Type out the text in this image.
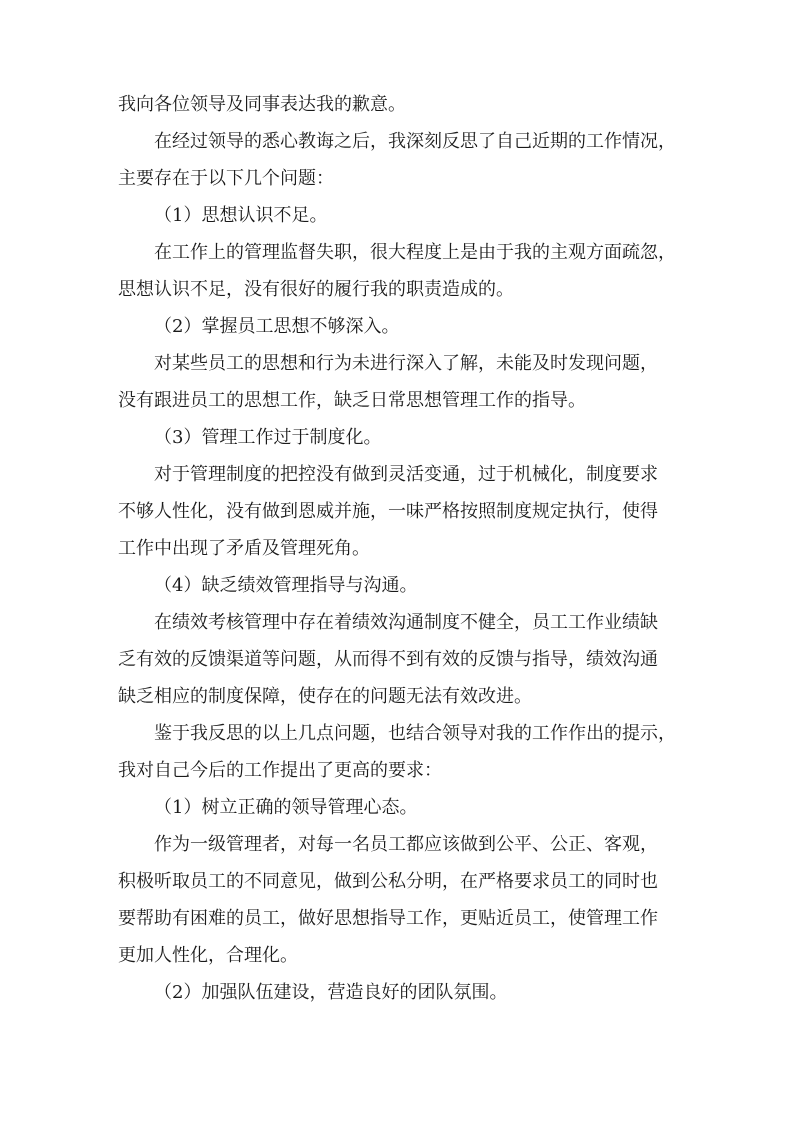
我向各位领导及同事表达我的歉意。
在经过领导的悉心教诲之后，我深刻反思了自己近期的工作情况，
主要存在于以下几个问题：
（1）思想认识不足。
在工作上的管理监督失职，很大程度上是由于我的主观方面疏忽，
思想认识不足，没有很好的履行我的职责造成的。
（2）掌握员工思想不够深入。
对某些员工的思想和行为未进行深入了解，未能及时发现问题，
没有跟进员工的思想工作，缺乏日常思想管理工作的指导。
（3）管理工作过于制度化。
对于管理制度的把控没有做到灵活变通，过于机械化，制度要求
不够人性化，没有做到恩威并施，一味严格按照制度规定执行，使得
工作中出现了矛盾及管理死角。
（4）缺乏绩效管理指导与沟通。
在绩效考核管理中存在着绩效沟通制度不健全，员工工作业绩缺
乏有效的反馈渠道等问题，从而得不到有效的反馈与指导，绩效沟通
缺乏相应的制度保障，使存在的问题无法有效改进。
鉴于我反思的以上几点问题，也结合领导对我的工作作出的提示，
我对自己今后的工作提出了更高的要求：
（1）树立正确的领导管理心态。
作为一级管理者，对每一名员工都应该做到公平、公正、客观，
积极听取员工的不同意见，做到公私分明，在严格要求员工的同时也
要帮助有困难的员工，做好思想指导工作，更贴近员工，使管理工作
更加人性化，合理化。
（2）加强队伍建设，营造良好的团队氛围。
